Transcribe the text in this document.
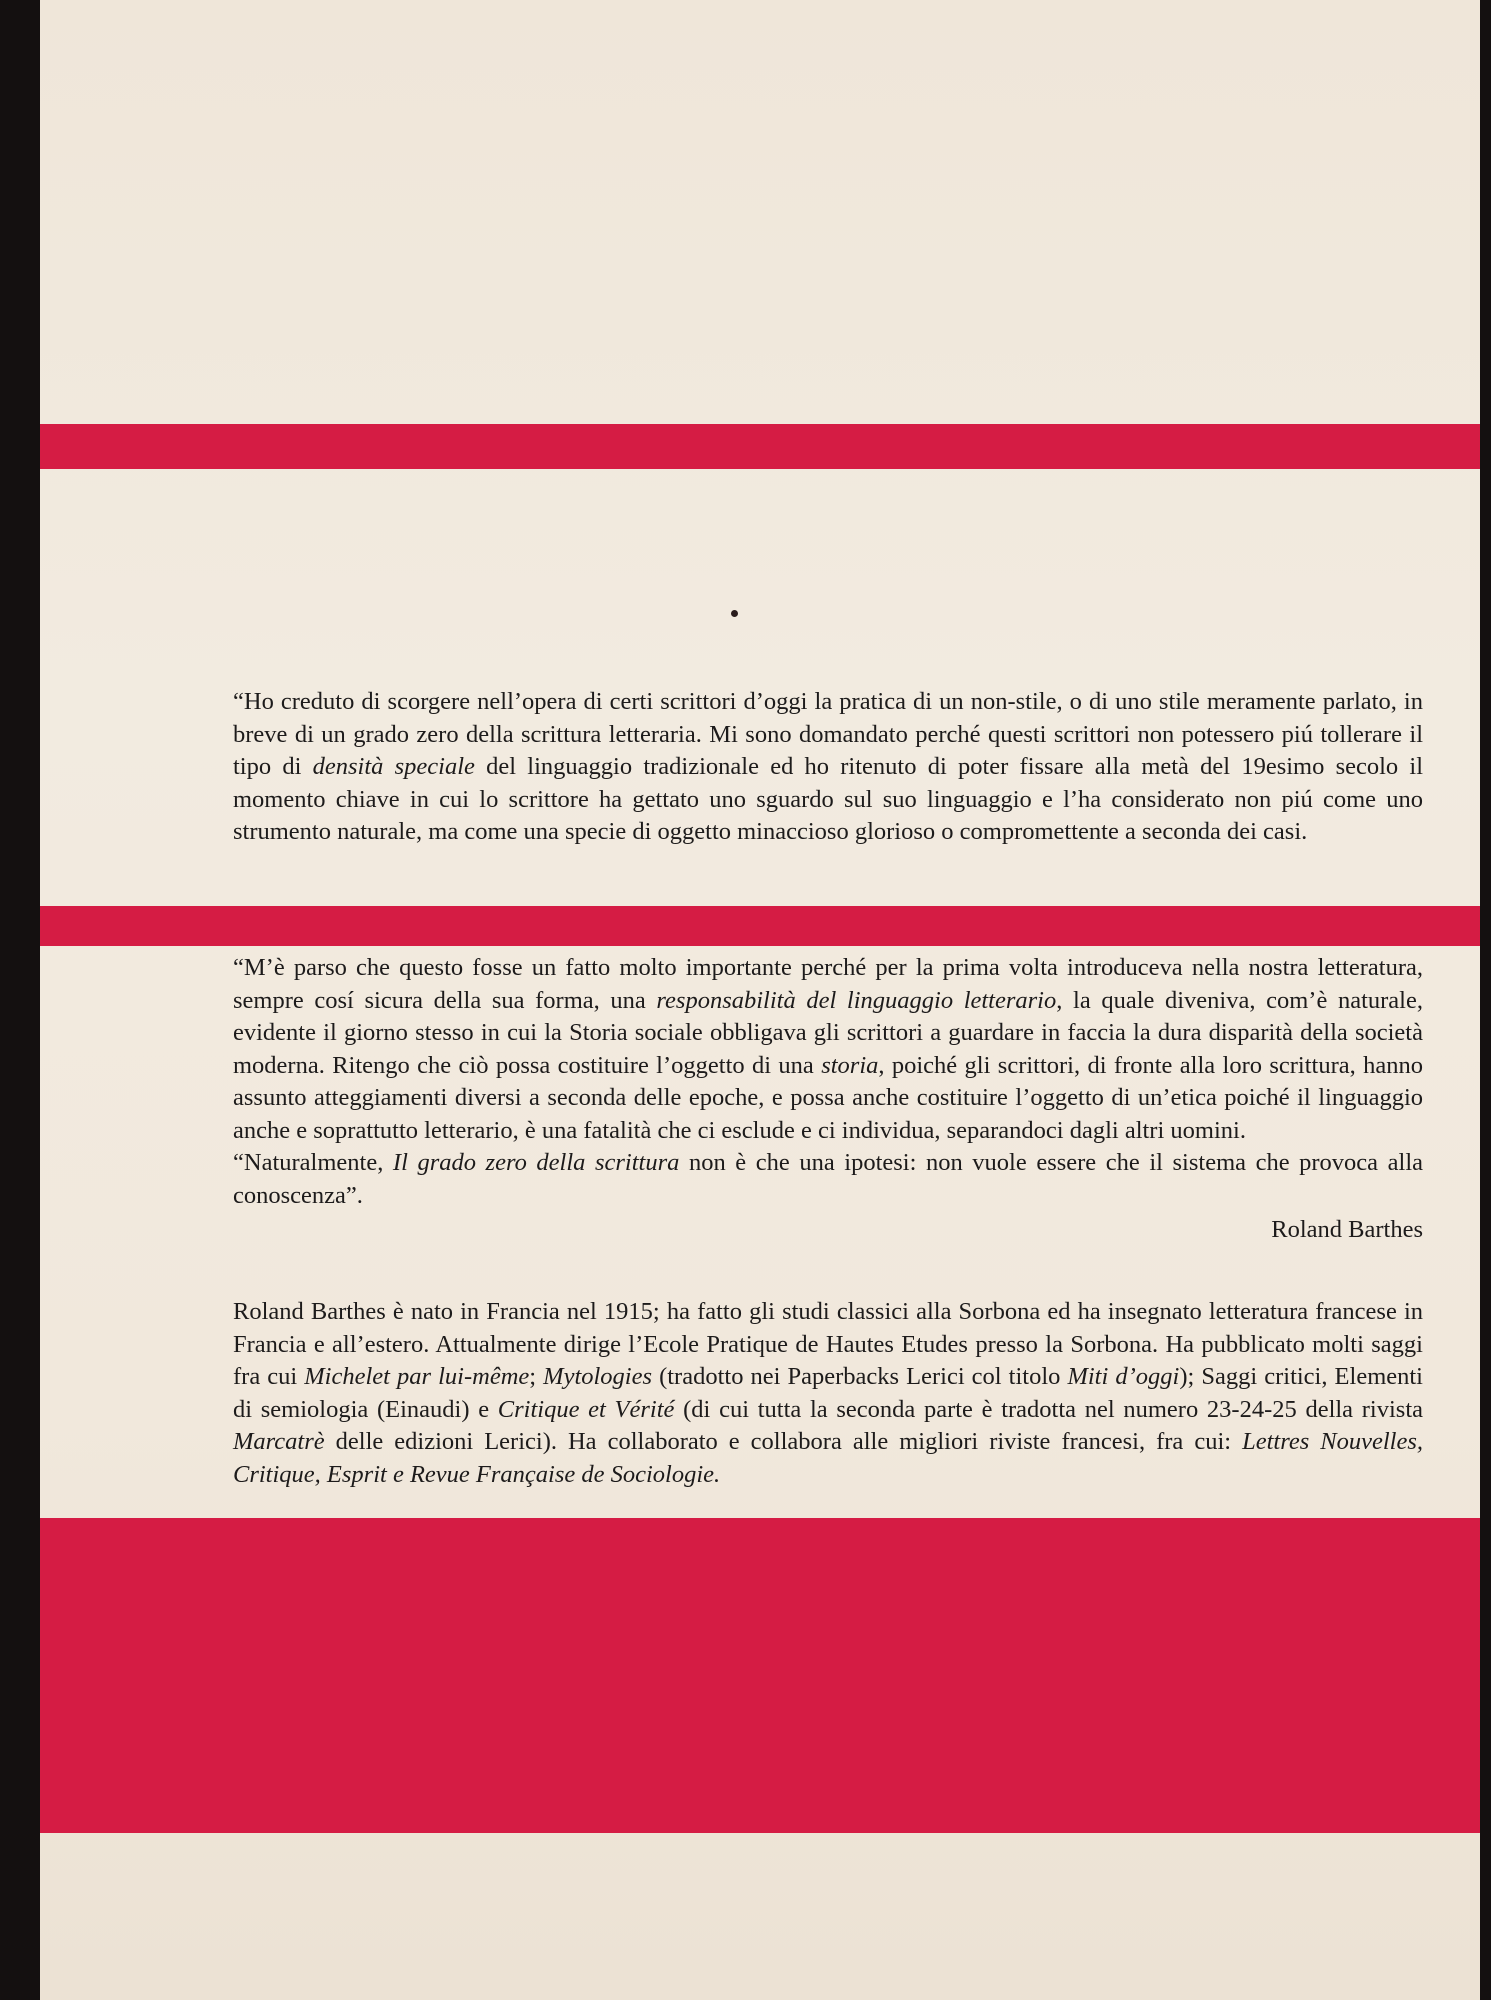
“Ho creduto di scorgere nell’opera di certi scrittori d’oggi la pratica di un non-stile, o di uno stile meramente parlato, in breve di un grado zero della scrittura letteraria. Mi sono domandato perché questi scrittori non potessero piú tollerare il tipo di densità speciale del linguaggio tradizionale ed ho ritenuto di poter fissare alla metà del 19esimo secolo il momento chiave in cui lo scrittore ha gettato uno sguardo sul suo linguaggio e l’ha considerato non piú come uno strumento naturale, ma come una specie di oggetto minaccioso glorioso o compromettente a seconda dei casi.

“M’è parso che questo fosse un fatto molto importante perché per la prima volta introduceva nella nostra letteratura, sempre cosí sicura della sua forma, una responsabilità del linguaggio letterario, la quale diveniva, com’è naturale, evidente il giorno stesso in cui la Storia sociale obbligava gli scrittori a guardare in faccia la dura disparità della società moderna. Ritengo che ciò possa costituire l’oggetto di una storia, poiché gli scrittori, di fronte alla loro scrittura, hanno assunto atteggiamenti diversi a seconda delle epoche, e possa anche costituire l’oggetto di un’etica poiché il linguaggio anche e soprattutto letterario, è una fatalità che ci esclude e ci individua, separandoci dagli altri uomini.

“Naturalmente, Il grado zero della scrittura non è che una ipotesi: non vuole essere che il sistema che provoca alla conoscenza”.

Roland Barthes

Roland Barthes è nato in Francia nel 1915; ha fatto gli studi classici alla Sorbona ed ha insegnato letteratura francese in Francia e all’estero. Attualmente dirige l’Ecole Pratique de Hautes Etudes presso la Sorbona. Ha pubblicato molti saggi fra cui Michelet par lui-même; Mytologies (tradotto nei Paperbacks Lerici col titolo Miti d’oggi); Saggi critici, Elementi di semiologia (Einaudi) e Critique et Vérité (di cui tutta la seconda parte è tradotta nel numero 23-24-25 della rivista Marcatrè delle edizioni Lerici). Ha collaborato e collabora alle migliori riviste francesi, fra cui: Lettres Nouvelles, Critique, Esprit e Revue Française de Sociologie.
